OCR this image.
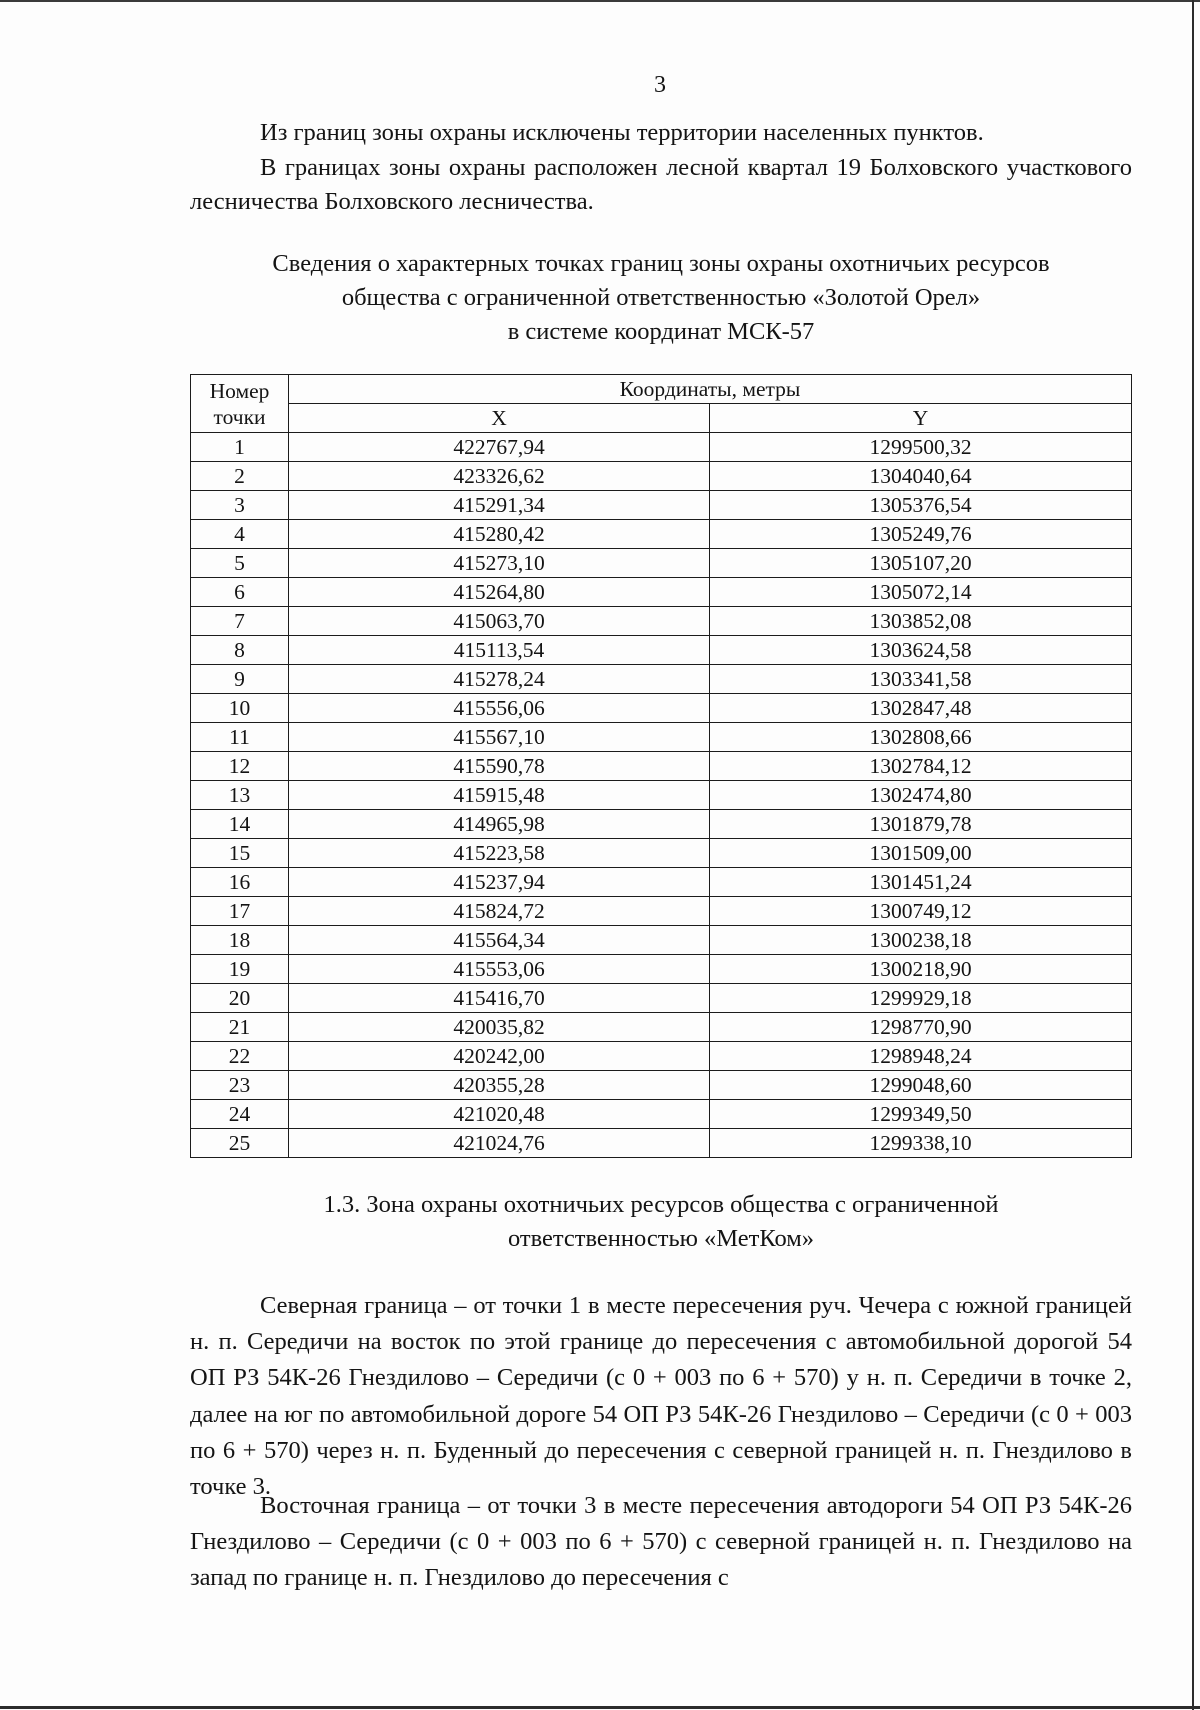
3
Из границ зоны охраны исключены территории населенных пунктов.
В границах зоны охраны расположен лесной квартал 19 Болховского участкового лесничества Болховского лесничества.
Сведения о характерных точках границ зоны охраны охотничьих ресурсов
общества с ограниченной ответственностью «Золотой Орел»
в системе координат МСК-57
Номер точки	Координаты, метры	
	X	Y
1	422767,94	1299500,32
2	423326,62	1304040,64
3	415291,34	1305376,54
4	415280,42	1305249,76
5	415273,10	1305107,20
6	415264,80	1305072,14
7	415063,70	1303852,08
8	415113,54	1303624,58
9	415278,24	1303341,58
10	415556,06	1302847,48
11	415567,10	1302808,66
12	415590,78	1302784,12
13	415915,48	1302474,80
14	414965,98	1301879,78
15	415223,58	1301509,00
16	415237,94	1301451,24
17	415824,72	1300749,12
18	415564,34	1300238,18
19	415553,06	1300218,90
20	415416,70	1299929,18
21	420035,82	1298770,90
22	420242,00	1298948,24
23	420355,28	1299048,60
24	421020,48	1299349,50
25	421024,76	1299338,10
1.3. Зона охраны охотничьих ресурсов общества с ограниченной
ответственностью «МетКом»
Северная граница – от точки 1 в месте пересечения руч. Чечера с южной границей н. п. Середичи на восток по этой границе до пересечения с автомобильной дорогой 54 ОП РЗ 54К-26 Гнездилово – Середичи (с 0 + 003 по 6 + 570) у н. п. Середичи в точке 2, далее на юг по автомобильной дороге 54 ОП РЗ 54К-26 Гнездилово – Середичи (с 0 + 003 по 6 + 570) через н. п. Буденный до пересечения с северной границей н. п. Гнездилово в точке 3.
Восточная граница – от точки 3 в месте пересечения автодороги 54 ОП РЗ 54К-26 Гнездилово – Середичи (с 0 + 003 по 6 + 570) с северной границей н. п. Гнездилово на запад по границе н. п. Гнездилово до пересечения с
